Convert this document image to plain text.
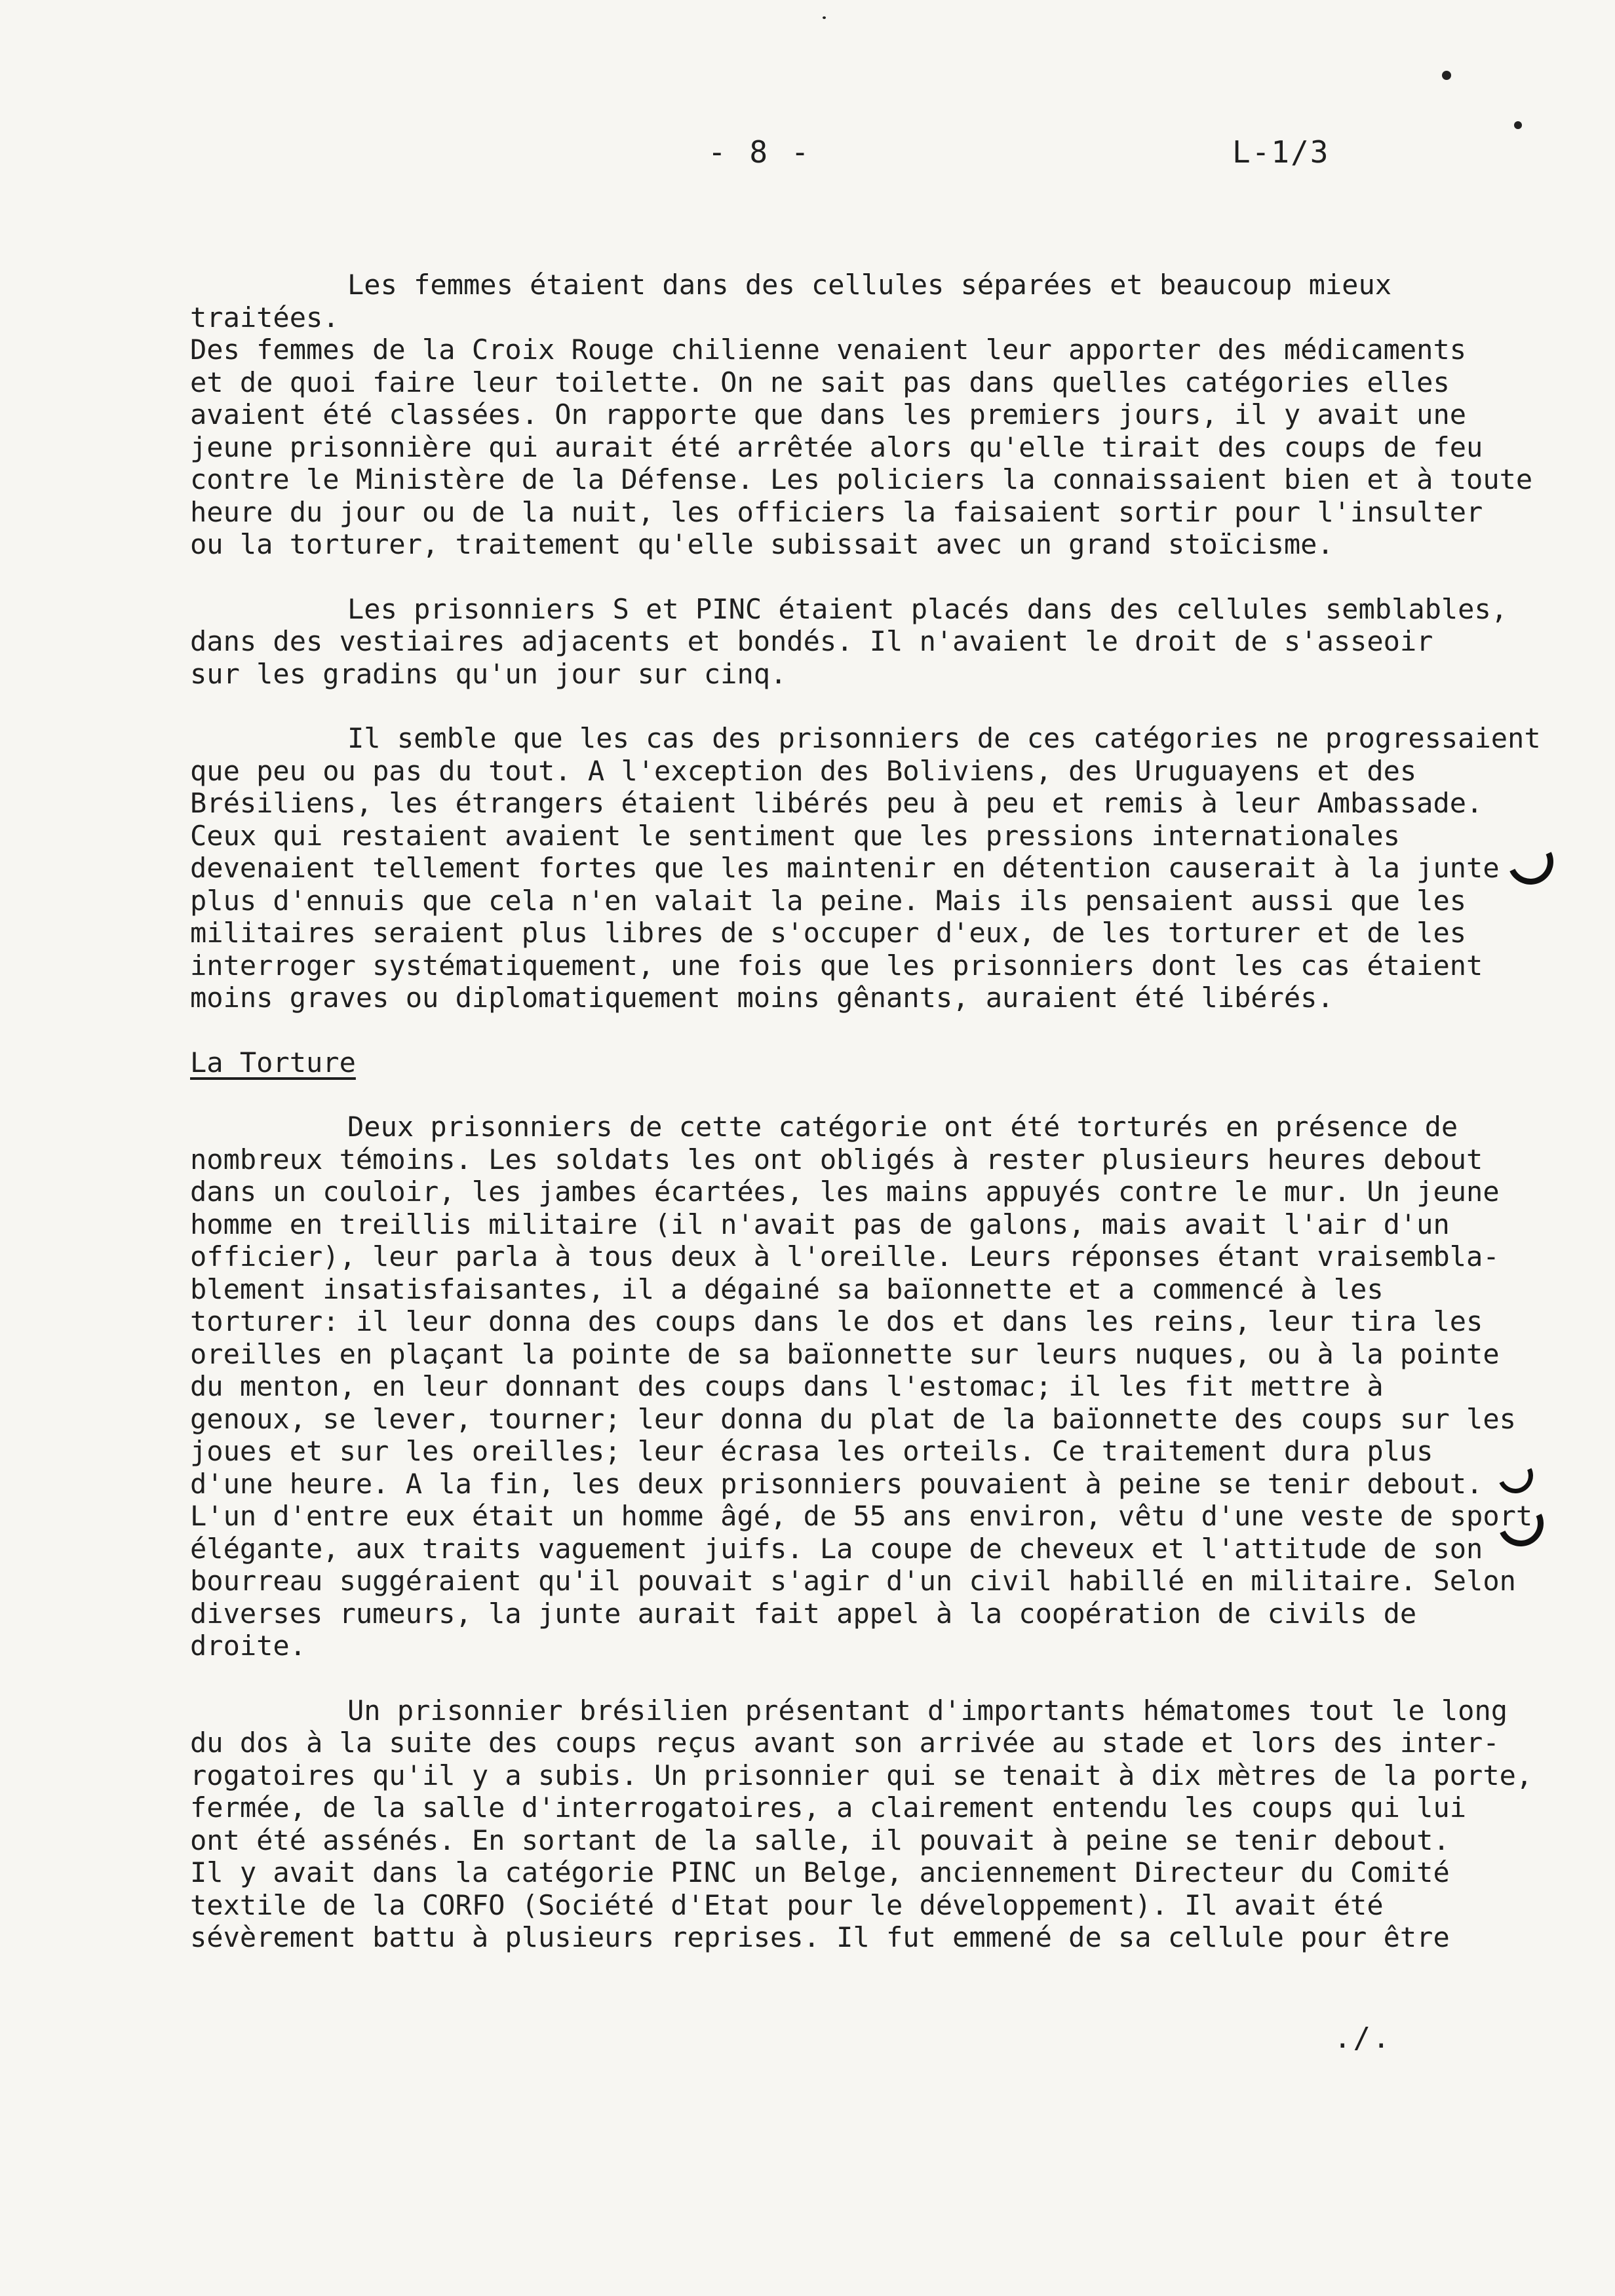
- 8 -	L-1/3

Les femmes étaient dans des cellules séparées et beaucoup mieux traitées.
Des femmes de la Croix Rouge chilienne venaient leur apporter des médicaments
et de quoi faire leur toilette. On ne sait pas dans quelles catégories elles
avaient été classées. On rapporte que dans les premiers jours, il y avait une
jeune prisonnière qui aurait été arrêtée alors qu'elle tirait des coups de feu
contre le Ministère de la Défense. Les policiers la connaissaient bien et à toute
heure du jour ou de la nuit, les officiers la faisaient sortir pour l'insulter
ou la torturer, traitement qu'elle subissait avec un grand stoïcisme.

Les prisonniers S et PINC étaient placés dans des cellules semblables,
dans des vestiaires adjacents et bondés. Il n'avaient le droit de s'asseoir
sur les gradins qu'un jour sur cinq.

Il semble que les cas des prisonniers de ces catégories ne progressaient
que peu ou pas du tout. A l'exception des Boliviens, des Uruguayens et des
Brésiliens, les étrangers étaient libérés peu à peu et remis à leur Ambassade.
Ceux qui restaient avaient le sentiment que les pressions internationales
devenaient tellement fortes que les maintenir en détention causerait à la junte
plus d'ennuis que cela n'en valait la peine. Mais ils pensaient aussi que les
militaires seraient plus libres de s'occuper d'eux, de les torturer et de les
interroger systématiquement, une fois que les prisonniers dont les cas étaient
moins graves ou diplomatiquement moins gênants, auraient été libérés.

La Torture

Deux prisonniers de cette catégorie ont été torturés en présence de
nombreux témoins. Les soldats les ont obligés à rester plusieurs heures debout
dans un couloir, les jambes écartées, les mains appuyés contre le mur. Un jeune
homme en treillis militaire (il n'avait pas de galons, mais avait l'air d'un
officier), leur parla à tous deux à l'oreille. Leurs réponses étant vraisembla-
blement insatisfaisantes, il a dégainé sa baïonnette et a commencé à les
torturer: il leur donna des coups dans le dos et dans les reins, leur tira les
oreilles en plaçant la pointe de sa baïonnette sur leurs nuques, ou à la pointe
du menton, en leur donnant des coups dans l'estomac; il les fit mettre à
genoux, se lever, tourner; leur donna du plat de la baïonnette des coups sur les
joues et sur les oreilles; leur écrasa les orteils. Ce traitement dura plus
d'une heure. A la fin, les deux prisonniers pouvaient à peine se tenir debout.
L'un d'entre eux était un homme âgé, de 55 ans environ, vêtu d'une veste de sport
élégante, aux traits vaguement juifs. La coupe de cheveux et l'attitude de son
bourreau suggéraient qu'il pouvait s'agir d'un civil habillé en militaire. Selon
diverses rumeurs, la junte aurait fait appel à la coopération de civils de
droite.

Un prisonnier brésilien présentant d'importants hématomes tout le long
du dos à la suite des coups reçus avant son arrivée au stade et lors des inter-
rogatoires qu'il y a subis. Un prisonnier qui se tenait à dix mètres de la porte,
fermée, de la salle d'interrogatoires, a clairement entendu les coups qui lui
ont été assénés. En sortant de la salle, il pouvait à peine se tenir debout.
Il y avait dans la catégorie PINC un Belge, anciennement Directeur du Comité
textile de la CORFO (Société d'Etat pour le développement). Il avait été
sévèrement battu à plusieurs reprises. Il fut emmené de sa cellule pour être

./.
